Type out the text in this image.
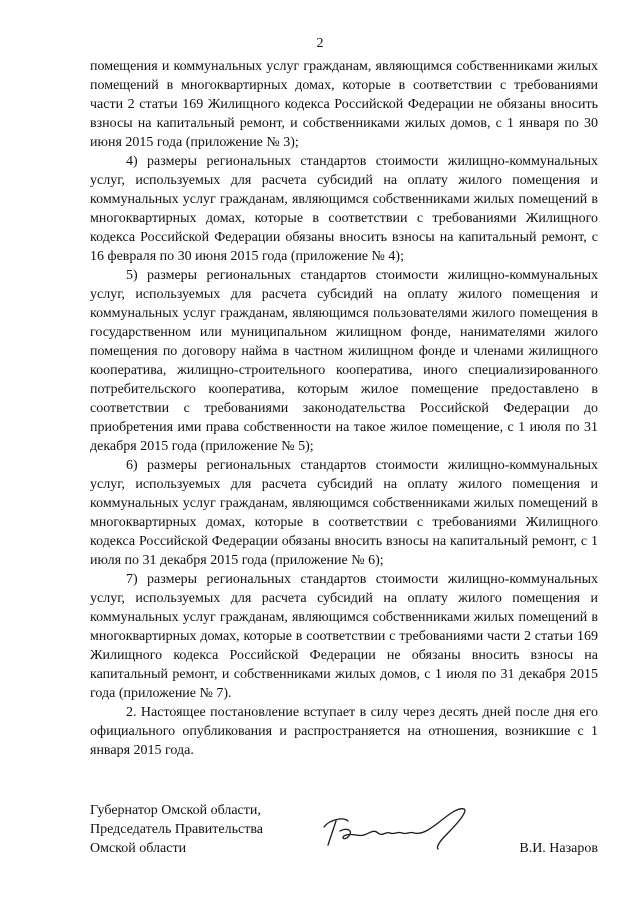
2

помещения и коммунальных услуг гражданам, являющимся собственниками жилых помещений в многоквартирных домах, которые в соответствии с требованиями части 2 статьи 169 Жилищного кодекса Российской Федерации не обязаны вносить взносы на капитальный ремонт, и собственниками жилых домов, с 1 января по 30 июня 2015 года (приложение № 3);

4) размеры региональных стандартов стоимости жилищно-коммунальных услуг, используемых для расчета субсидий на оплату жилого помещения и коммунальных услуг гражданам, являющимся собственниками жилых помещений в многоквартирных домах, которые в соответствии с требованиями Жилищного кодекса Российской Федерации обязаны вносить взносы на капитальный ремонт, с 16 февраля по 30 июня 2015 года (приложение № 4);

5) размеры региональных стандартов стоимости жилищно-коммунальных услуг, используемых для расчета субсидий на оплату жилого помещения и коммунальных услуг гражданам, являющимся пользователями жилого помещения в государственном или муниципальном жилищном фонде, нанимателями жилого помещения по договору найма в частном жилищном фонде и членами жилищного кооператива, жилищно-строительного кооператива, иного специализированного потребительского кооператива, которым жилое помещение предоставлено в соответствии с требованиями законодательства Российской Федерации до приобретения ими права собственности на такое жилое помещение, с 1 июля по 31 декабря 2015 года (приложение № 5);

6) размеры региональных стандартов стоимости жилищно-коммунальных услуг, используемых для расчета субсидий на оплату жилого помещения и коммунальных услуг гражданам, являющимся собственниками жилых помещений в многоквартирных домах, которые в соответствии с требованиями Жилищного кодекса Российской Федерации обязаны вносить взносы на капитальный ремонт, с 1 июля по 31 декабря 2015 года (приложение № 6);

7) размеры региональных стандартов стоимости жилищно-коммунальных услуг, используемых для расчета субсидий на оплату жилого помещения и коммунальных услуг гражданам, являющимся собственниками жилых помещений в многоквартирных домах, которые в соответствии с требованиями части 2 статьи 169 Жилищного кодекса Российской Федерации не обязаны вносить взносы на капитальный ремонт, и собственниками жилых домов, с 1 июля по 31 декабря 2015 года (приложение № 7).

2. Настоящее постановление вступает в силу через десять дней после дня его официального опубликования и распространяется на отношения, возникшие с 1 января 2015 года.

Губернатор Омской области,
Председатель Правительства
Омской области	В.И. Назаров
